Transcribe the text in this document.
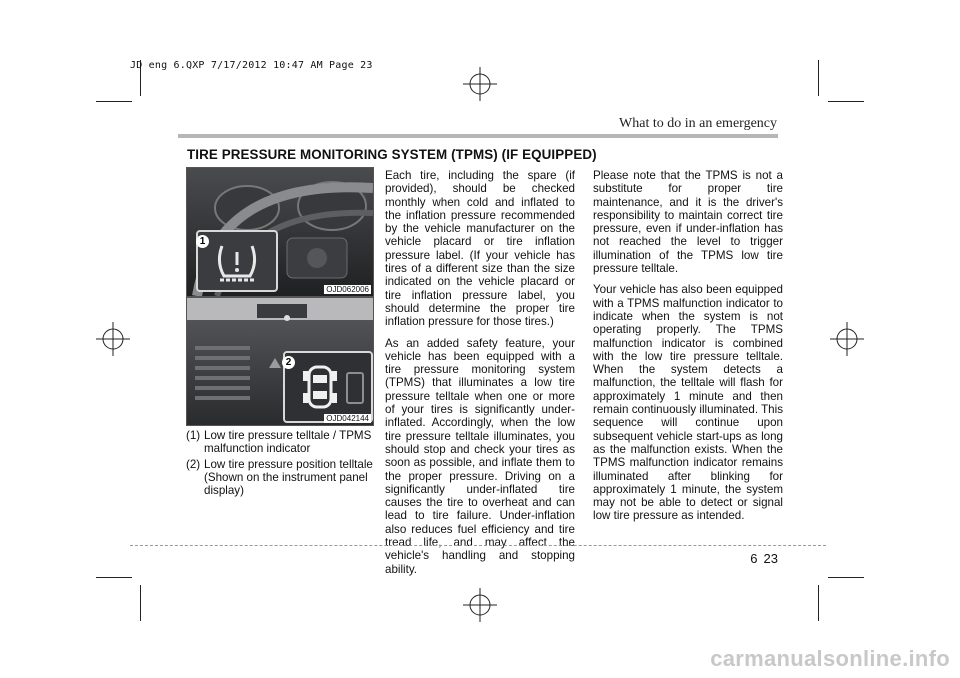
JD eng 6.QXP 7/17/2012 10:47 AM Page 23
What to do in an emergency
TIRE PRESSURE MONITORING SYSTEM (TPMS) (IF EQUIPPED)
1
OJD062006
2
OJD042144
(1) Low tire pressure telltale / TPMS malfunction indicator
(2) Low tire pressure position telltale (Shown on the instrument panel display)

Each tire, including the spare (if provided), should be checked monthly when cold and inflated to the inflation pressure recommended by the vehicle manufacturer on the vehicle placard or tire inflation pressure label. (If your vehicle has tires of a different size than the size indicated on the vehicle placard or tire inflation pressure label, you should determine the proper tire inflation pressure for those tires.)

As an added safety feature, your vehicle has been equipped with a tire pressure monitoring system (TPMS) that illuminates a low tire pressure telltale when one or more of your tires is significantly under-inflated. Accordingly, when the low tire pressure telltale illuminates, you should stop and check your tires as soon as possible, and inflate them to the proper pressure. Driving on a significantly under-inflated tire causes the tire to overheat and can lead to tire failure. Under-inflation also reduces fuel efficiency and tire tread life, and may affect the vehicle's handling and stopping ability.

Please note that the TPMS is not a substitute for proper tire maintenance, and it is the driver's responsibility to maintain correct tire pressure, even if under-inflation has not reached the level to trigger illumination of the TPMS low tire pressure telltale.

Your vehicle has also been equipped with a TPMS malfunction indicator to indicate when the system is not operating properly. The TPMS malfunction indicator is combined with the low tire pressure telltale. When the system detects a malfunction, the telltale will flash for approximately 1 minute and then remain continuously illuminated. This sequence will continue upon subsequent vehicle start-ups as long as the malfunction exists. When the TPMS malfunction indicator remains illuminated after blinking for approximately 1 minute, the system may not be able to detect or signal low tire pressure as intended.

6 23
carmanualsonline.info
